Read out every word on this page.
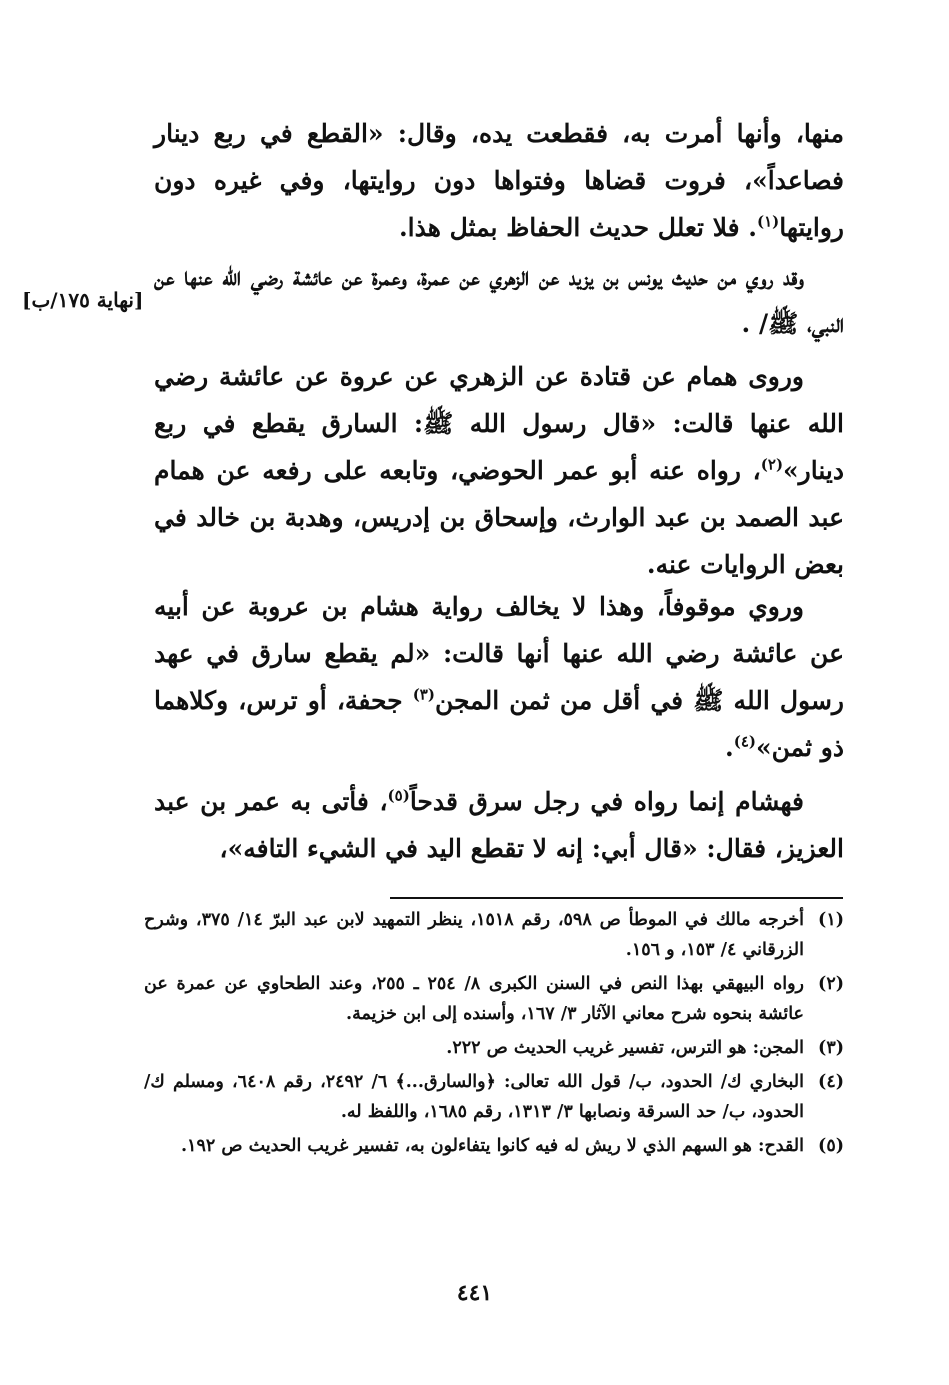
منها، وأنها أمرت به، فقطعت يده، وقال: «القطع في ربع دينار فصاعداً»، فروت قضاها وفتواها دون روايتها، وفي غيره دون روايتها$^{(١)}$. فلا تعلل حديث الحفاظ بمثل هذا.

وقد روي من حديث يونس بن يزيد عن الزهري عن عمرة، وعمرة عن عائشة رضي الله عنها عن النبي، ﷺ/ .

[نهاية ١٧٥/ب]

وروى همام عن قتادة عن الزهري عن عروة عن عائشة رضي الله عنها قالت: «قال رسول الله ﷺ: السارق يقطع في ربع دينار»$^{(٢)}$، رواه عنه أبو عمر الحوضي، وتابعه على رفعه عن همام عبد الصمد بن عبد الوارث، وإسحاق بن إدريس، وهدبة بن خالد في بعض الروايات عنه.

وروي موقوفاً، وهذا لا يخالف رواية هشام بن عروبة عن أبيه عن عائشة رضي الله عنها أنها قالت: «لم يقطع سارق في عهد رسول الله ﷺ في أقل من ثمن المجن$^{(٣)}$ جحفة، أو ترس، وكلاهما ذو ثمن»$^{(٤)}$.

فهشام إنما رواه في رجل سرق قدحاً$^{(٥)}$، فأتى به عمر بن عبد العزيز، فقال: «قال أبي: إنه لا تقطع اليد في الشيء التافه»،

(١)
أخرجه مالك في الموطأ ص ٥٩٨، رقم ١٥١٨، ينظر التمهيد لابن عبد البرّ ١٤/ ٣٧٥، وشرح الزرقاني ٤/ ١٥٣، و ١٥٦.
(٢)
رواه البيهقي بهذا النص في السنن الكبرى ٨/ ٢٥٤ ـ ٢٥٥، وعند الطحاوي عن عمرة عن عائشة بنحوه شرح معاني الآثار ٣/ ١٦٧، وأسنده إلى ابن خزيمة.
(٣)
المجن: هو الترس، تفسير غريب الحديث ص ٢٢٢.
(٤)
البخاري ك/ الحدود، ب/ قول الله تعالى: ﴿والسارق...﴾ ٦/ ٢٤٩٢، رقم ٦٤٠٨، ومسلم ك/ الحدود، ب/ حد السرقة ونصابها ٣/ ١٣١٣، رقم ١٦٨٥، واللفظ له.
(٥)
القدح: هو السهم الذي لا ريش له فيه كانوا يتفاءلون به، تفسير غريب الحديث ص ١٩٢.
٤٤١
